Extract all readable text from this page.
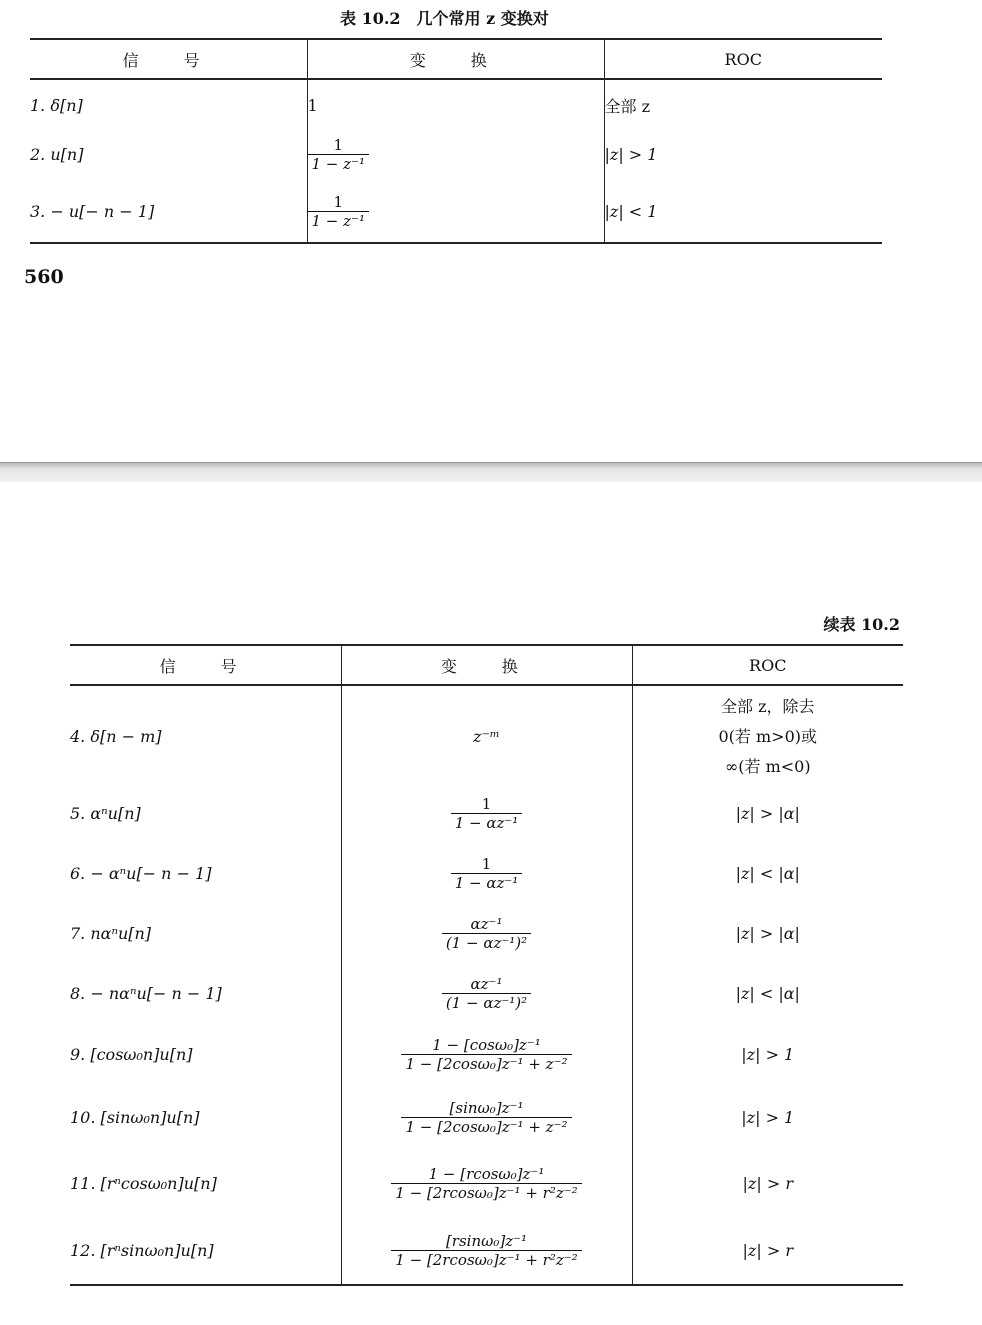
表 10.2　几个常用 z 变换对
信　号	变　换	ROC
1. δ[n]	1	全部 z
2. u[n]	$\frac{1}{\text{1 − z⁻¹}}$	|z| > 1
3. − u[− n − 1]	$\frac{1}{\text{1 − z⁻¹}}$	|z| < 1
560
续表 10.2
信　号	变　换	ROC
4. δ[n − m]	z⁻ᵐ	全部 z，除去
0(若 m>0)或
∞(若 m<0)

5. αⁿu[n]	$\frac{1}{\text{1 − αz⁻¹}}$	|z| > |α|
6. − αⁿu[− n − 1]	$\frac{1}{\text{1 − αz⁻¹}}$	|z| < |α|
7. nαⁿu[n]	$\frac{\text{αz⁻¹}}{\text{(1 − αz⁻¹)²}}$	|z| > |α|
8. − nαⁿu[− n − 1]	$\frac{\text{αz⁻¹}}{\text{(1 − αz⁻¹)²}}$	|z| < |α|
9. [cosω₀n]u[n]	$\frac{\text{1 − [cosω₀]z⁻¹}}{\text{1 − [2cosω₀]z⁻¹ + z⁻²}}$	|z| > 1
10. [sinω₀n]u[n]	$\frac{\text{[sinω₀]z⁻¹}}{\text{1 − [2cosω₀]z⁻¹ + z⁻²}}$	|z| > 1
11. [rⁿcosω₀n]u[n]	$\frac{\text{1 − [rcosω₀]z⁻¹}}{\text{1 − [2rcosω₀]z⁻¹ + r²z⁻²}}$	|z| > r
12. [rⁿsinω₀n]u[n]	$\frac{\text{[rsinω₀]z⁻¹}}{\text{1 − [2rcosω₀]z⁻¹ + r²z⁻²}}$	|z| > r
